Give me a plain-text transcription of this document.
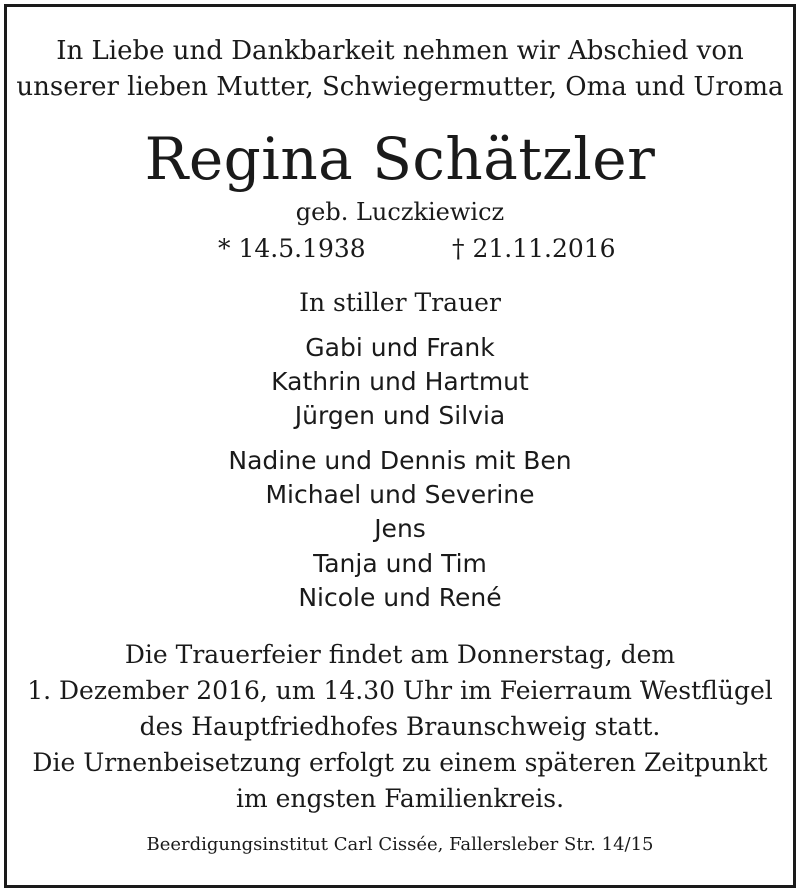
In Liebe und Dankbarkeit nehmen wir Abschied von
unserer lieben Mutter, Schwiegermutter, Oma und Uroma
Regina Schätzler
geb. Luczkiewicz
* 14.5.1938	† 21.11.2016
In stiller Trauer
Gabi und Frank
Kathrin und Hartmut
Jürgen und Silvia
Nadine und Dennis mit Ben
Michael und Severine
Jens
Tanja und Tim
Nicole und René
Die Trauerfeier findet am Donnerstag, dem
1. Dezember 2016, um 14.30 Uhr im Feierraum Westflügel
des Hauptfriedhofes Braunschweig statt.
Die Urnenbeisetzung erfolgt zu einem späteren Zeitpunkt
im engsten Familienkreis.
Beerdigungsinstitut Carl Cissée, Fallersleber Str. 14/15
